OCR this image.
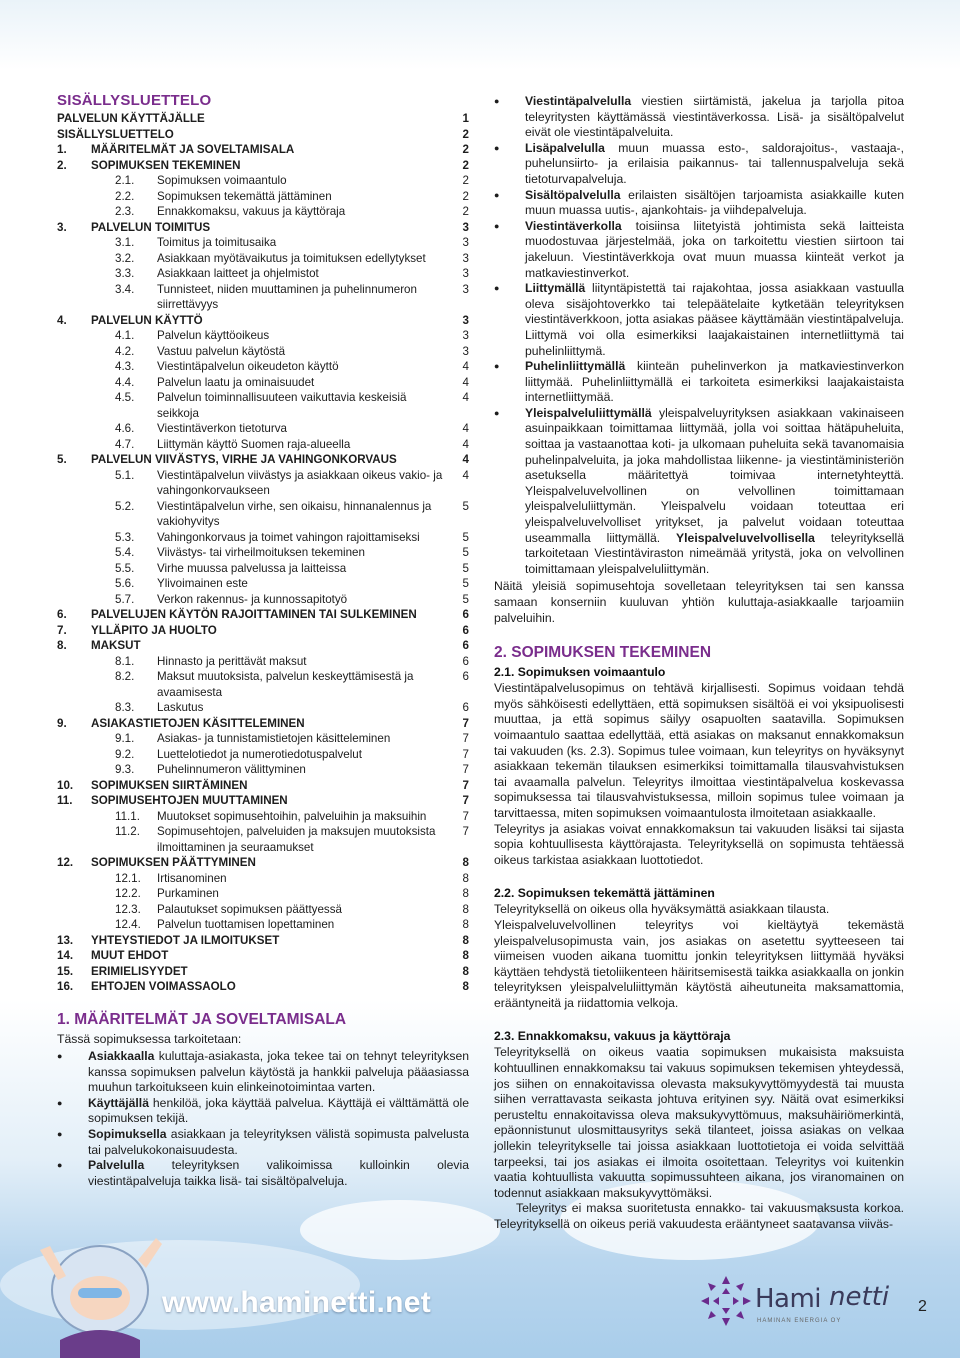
SISÄLLYSLUETTELO
PALVELUN KÄYTTÄJÄLLE	1
SISÄLLYSLUETTELO	2
1.	MÄÄRITELMÄT JA SOVELTAMISALA	2
2.	SOPIMUKSEN TEKEMINEN	2
2.1.	Sopimuksen voimaantulo	2
2.2.	Sopimuksen tekemättä jättäminen	2
2.3.	Ennakkomaksu, vakuus ja käyttöraja	2
3.	PALVELUN TOIMITUS	3
3.1.	Toimitus ja toimitusaika	3
3.2.	Asiakkaan myötävaikutus ja toimituksen edellytykset	3
3.3.	Asiakkaan laitteet ja ohjelmistot	3
3.4.	Tunnisteet, niiden muuttaminen ja puhelinnumeron siirrettävyys
3
4.	PALVELUN KÄYTTÖ	3
4.1.	Palvelun käyttöoikeus	3
4.2.	Vastuu palvelun käytöstä	3
4.3.	Viestintäpalvelun oikeudeton käyttö	4
4.4.	Palvelun laatu ja ominaisuudet	4
4.5.	Palvelun toiminnallisuuteen vaikuttavia keskeisiä seikkoja
4
4.6.	Viestintäverkon tietoturva	4
4.7.	Liittymän käyttö Suomen raja-alueella	4
5.	PALVELUN VIIVÄSTYS, VIRHE JA VAHINGONKORVAUS	4
5.1.	Viestintäpalvelun viivästys ja asiakkaan oikeus vakio- ja vahingonkorvaukseen
4
5.2.	Viestintäpalvelun virhe, sen oikaisu, hinnanalennus ja vakiohyvitys
5
5.3.	Vahingonkorvaus ja toimet vahingon rajoittamiseksi	5
5.4.	Viivästys- tai virheilmoituksen tekeminen	5
5.5.	Virhe muussa palvelussa ja laitteissa	5
5.6.	Ylivoimainen este	5
5.7.	Verkon rakennus- ja kunnossapitotyö	5
6.	PALVELUJEN KÄYTÖN RAJOITTAMINEN TAI SULKEMINEN	6
7.	YLLÄPITO JA HUOLTO	6
8.	MAKSUT	6
8.1.	Hinnasto ja perittävät maksut	6
8.2.	Maksut muutoksista, palvelun keskeyttämisestä ja avaamisesta
6
8.3.	Laskutus	6
9.	ASIAKASTIETOJEN KÄSITTELEMINEN	7
9.1.	Asiakas- ja tunnistamistietojen käsitteleminen	7
9.2.	Luettelotiedot ja numerotiedotuspalvelut	7
9.3.	Puhelinnumeron välittyminen	7
10.	SOPIMUKSEN SIIRTÄMINEN	7
11.	SOPIMUSEHTOJEN MUUTTAMINEN	7
11.1.	Muutokset sopimusehtoihin, palveluihin ja maksuihin	7
11.2.	Sopimusehtojen, palveluiden ja maksujen muutoksista ilmoittaminen ja seuraamukset
7
12.	SOPIMUKSEN PÄÄTTYMINEN	8
12.1.	Irtisanominen	8
12.2.	Purkaminen	8
12.3.	Palautukset sopimuksen päättyessä	8
12.4.	Palvelun tuottamisen lopettaminen	8
13.	YHTEYSTIEDOT JA ILMOITUKSET	8
14.	MUUT EHDOT	8
15.	ERIMIELISYYDET	8
16.	EHTOJEN VOIMASSAOLO	8
1. MÄÄRITELMÄT JA SOVELTAMISALA

Tässä sopimuksessa tarkoitetaan:

● Asiakkaalla kuluttaja-asiakasta, joka tekee tai on tehnyt teleyrityksen kanssa sopimuksen palvelun käytöstä ja hankkii palveluja pääasiassa muuhun tarkoitukseen kuin elinkeinotoimintaa varten.
● Käyttäjällä henkilöä, joka käyttää palvelua. Käyttäjä ei välttämättä ole sopimuksen tekijä.
● Sopimuksella asiakkaan ja teleyrityksen välistä sopimusta palvelusta tai palvelukokonaisuudesta.
● Palvelulla teleyrityksen valikoimissa kulloinkin olevia viestintäpalveluja taikka lisä- tai sisältöpalveluja.
● Viestintäpalvelulla viestien siirtämistä, jakelua ja tarjolla pitoa teleyritysten käyttämässä viestintäverkossa. Lisä- ja sisältöpalvelut eivät ole viestintäpalveluita.
● Lisäpalvelulla muun muassa esto-, saldorajoitus-, vastaaja-, puhelunsiirto- ja erilaisia paikannus- tai tallennuspalveluja sekä tietoturvapalveluja.
● Sisältöpalvelulla erilaisten sisältöjen tarjoamista asiakkaille kuten muun muassa uutis-, ajankohtais- ja viihdepalveluja.
● Viestintäverkolla toisiinsa liitetyistä johtimista sekä laitteista muodostuvaa järjestelmää, joka on tarkoitettu viestien siirtoon tai jakeluun. Viestintäverkkoja ovat muun muassa kiinteät verkot ja matkaviestinverkot.
● Liittymällä liityntäpistettä tai rajakohtaa, jossa asiakkaan vastuulla oleva sisäjohtoverkko tai telepäätelaite kytketään teleyrityksen viestintäverkkoon, jotta asiakas pääsee käyttämään viestintäpalveluja. Liittymä voi olla esimerkiksi laajakaistainen internetliittymä tai puhelinliittymä.
● Puhelinliittymällä kiinteän puhelinverkon ja matkaviestinverkon liittymää. Puhelinliittymällä ei tarkoiteta esimerkiksi laajakaistaista internetliittymää.
● Yleispalveluliittymällä yleispalveluyrityksen asiakkaan vakinaiseen asuinpaikkaan toimittamaa liittymää, jolla voi soittaa hätäpuheluita, soittaa ja vastaanottaa koti- ja ulkomaan puheluita sekä tavanomaisia puhelinpalveluita, ja joka mahdollistaa liikenne- ja viestintäministeriön asetuksella määritettyä toimivaa internetyhteyttä. Yleispalveluvelvollinen on velvollinen toimittamaan yleispalveluliittymän. Yleispalvelu voidaan toteuttaa eri yleispalveluvelvolliset yritykset, ja palvelut voidaan toteuttaa useammalla liittymällä. Yleispalveluvelvollisella teleyrityksellä tarkoitetaan Viestintäviraston nimeämää yritystä, joka on velvollinen toimittamaan yleispalveluliittymän.

Näitä yleisiä sopimusehtoja sovelletaan teleyrityksen tai sen kanssa samaan konserniin kuuluvan yhtiön kuluttaja-asiakkaalle tarjoamiin palveluihin.

2. SOPIMUKSEN TEKEMINEN
2.1. Sopimuksen voimaantulo

Viestintäpalvelusopimus on tehtävä kirjallisesti. Sopimus voidaan tehdä myös sähköisesti edellyttäen, että sopimuksen sisältöä ei voi yksipuolisesti muuttaa, ja että sopimus säilyy osapuolten saatavilla. Sopimuksen voimaantulo saattaa edellyttää, että asiakas on maksanut ennakkomaksun tai vakuuden (ks. 2.3). Sopimus tulee voimaan, kun teleyritys on hyväksynyt asiakkaan tekemän tilauksen esimerkiksi toimittamalla tilausvahvistuksen tai avaamalla palvelun. Teleyritys ilmoittaa viestintäpalvelua koskevassa sopimuksessa tai tilausvahvistuksessa, milloin sopimus tulee voimaan ja tarvittaessa, miten sopimuksen voimaantulosta ilmoitetaan asiakkaalle.

Teleyritys ja asiakas voivat ennakkomaksun tai vakuuden lisäksi tai sijasta sopia kohtuullisesta käyttörajasta. Teleyrityksellä on sopimusta tehtäessä oikeus tarkistaa asiakkaan luottotiedot.

2.2. Sopimuksen tekemättä jättäminen

Teleyrityksellä on oikeus olla hyväksymättä asiakkaan tilausta.

Yleispalveluvelvollinen teleyritys voi kieltäytyä tekemästä yleispalvelusopimusta vain, jos asiakas on asetettu syytteeseen tai viimeisen vuoden aikana tuomittu jonkin teleyrityksen liittymää hyväksi käyttäen tehdystä tietoliikenteen häiritsemisestä taikka asiakkaalla on jonkin teleyrityksen yleispalveluliittymän käytöstä aiheutuneita maksamattomia, erääntyneitä ja riidattomia velkoja.

2.3. Ennakkomaksu, vakuus ja käyttöraja

Teleyrityksellä on oikeus vaatia sopimuksen mukaisista maksuista kohtuullinen ennakkomaksu tai vakuus sopimuksen tekemisen yhteydessä, jos siihen on ennakoitavissa olevasta maksukyvyttömyydestä tai muusta siihen verrattavasta seikasta johtuva erityinen syy. Näitä ovat esimerkiksi perusteltu ennakoitavissa oleva maksukyvyttömuus, maksuhäiriömerkintä, epäonnistunut ulosmittausyritys sekä tilanteet, joissa asiakas on velkaa jollekin teleyritykselle tai joissa asiakkaan luottotietoja ei voida selvittää tarpeeksi, tai jos asiakas ei ilmoita osoitettaan. Teleyritys voi kuitenkin vaatia kohtuullista vakuutta sopimussuhteen aikana, jos viranomainen on todennut asiakkaan maksukyvyttömäksi.

Teleyritys ei maksa suoritetusta ennakko- tai vakuusmaksusta korkoa. Teleyrityksellä on oikeus periä vakuudesta erääntyneet saatavansa viiväs-

www.haminetti.net	Hami netti
HAMINAN ENERGIA OY
2
